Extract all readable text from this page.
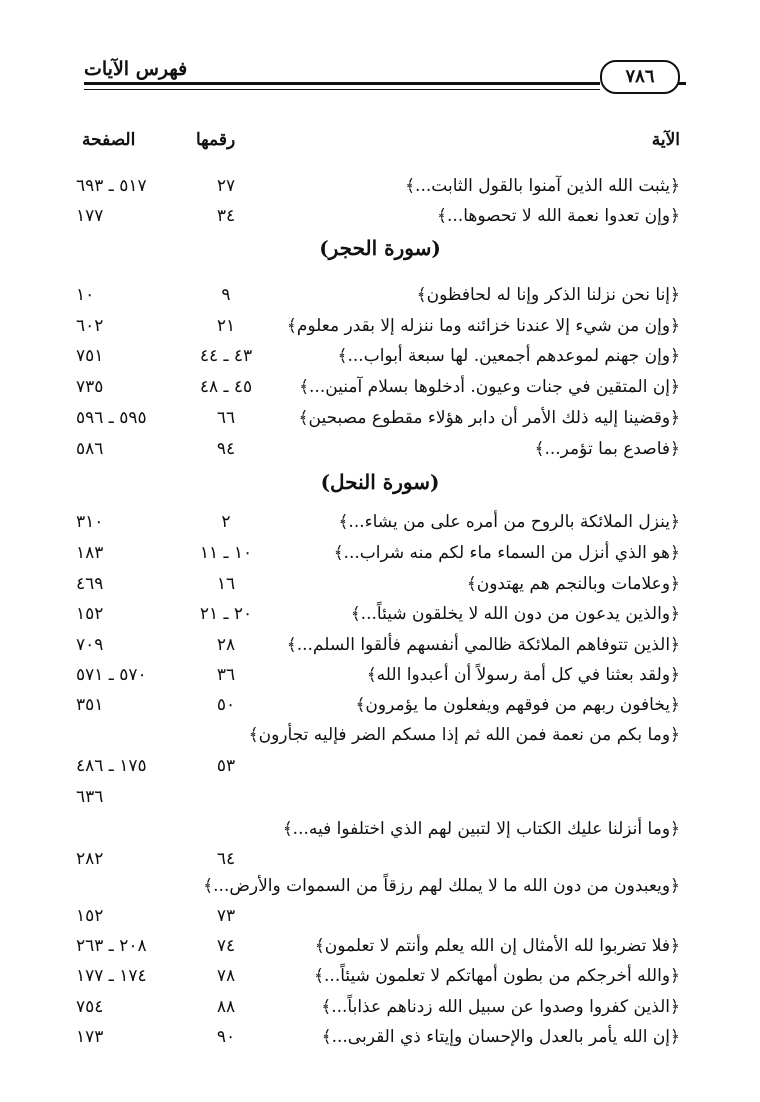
فهرس الآيات	٧٨٦
الآية
رقمها
الصفحة
﴿يثبت الله الذين آمنوا بالقول الثابت...﴾
٢٧
٥١٧ ـ ٦٩٣
﴿وإن تعدوا نعمة الله لا تحصوها...﴾
٣٤
١٧٧
(سورة الحجر)
﴿إنا نحن نزلنا الذكر وإنا له لحافظون﴾
٩
١٠
﴿وإن من شيء إلا عندنا خزائنه وما ننزله إلا بقدر معلوم﴾
٢١
٦٠٢
﴿وإن جهنم لموعدهم أجمعين. لها سبعة أبواب...﴾
٤٣ ـ ٤٤
٧٥١
﴿إن المتقين في جنات وعيون. أدخلوها بسلام آمنين...﴾
٤٥ ـ ٤٨
٧٣٥
﴿وقضينا إليه ذلك الأمر أن دابر هؤلاء مقطوع مصبحين﴾
٦٦
٥٩٥ ـ ٥٩٦
﴿فاصدع بما تؤمر...﴾
٩٤
٥٨٦
(سورة النحل)
﴿ينزل الملائكة بالروح من أمره على من يشاء...﴾
٢
٣١٠
﴿هو الذي أنزل من السماء ماء لكم منه شراب...﴾
١٠ ـ ١١
١٨٣
﴿وعلامات وبالنجم هم يهتدون﴾
١٦
٤٦٩
﴿والذين يدعون من دون الله لا يخلقون شيئاً...﴾
٢٠ ـ ٢١
١٥٢
﴿الذين تتوفاهم الملائكة ظالمي أنفسهم فألقوا السلم...﴾
٢٨
٧٠٩
﴿ولقد بعثنا في كل أمة رسولاً أن أعبدوا الله﴾
٣٦
٥٧٠ ـ ٥٧١
﴿يخافون ربهم من فوقهم ويفعلون ما يؤمرون﴾
٥٠
٣٥١
﴿وما بكم من نعمة فمن الله ثم إذا مسكم الضر فإليه تجأرون﴾
٥٣
١٧٥ ـ ٤٨٦
٦٣٦
﴿وما أنزلنا عليك الكتاب إلا لتبين لهم الذي اختلفوا فيه...﴾
٦٤
٢٨٢
﴿ويعبدون من دون الله ما لا يملك لهم رزقاً من السموات والأرض...﴾
٧٣
١٥٢
﴿فلا تضربوا لله الأمثال إن الله يعلم وأنتم لا تعلمون﴾
٧٤
٢٠٨ ـ ٢٦٣
﴿والله أخرجكم من بطون أمهاتكم لا تعلمون شيئاً...﴾
٧٨
١٧٤ ـ ١٧٧
﴿الذين كفروا وصدوا عن سبيل الله زدناهم عذاباً...﴾
٨٨
٧٥٤
﴿إن الله يأمر بالعدل والإحسان وإيتاء ذي القربى...﴾
٩٠
١٧٣
